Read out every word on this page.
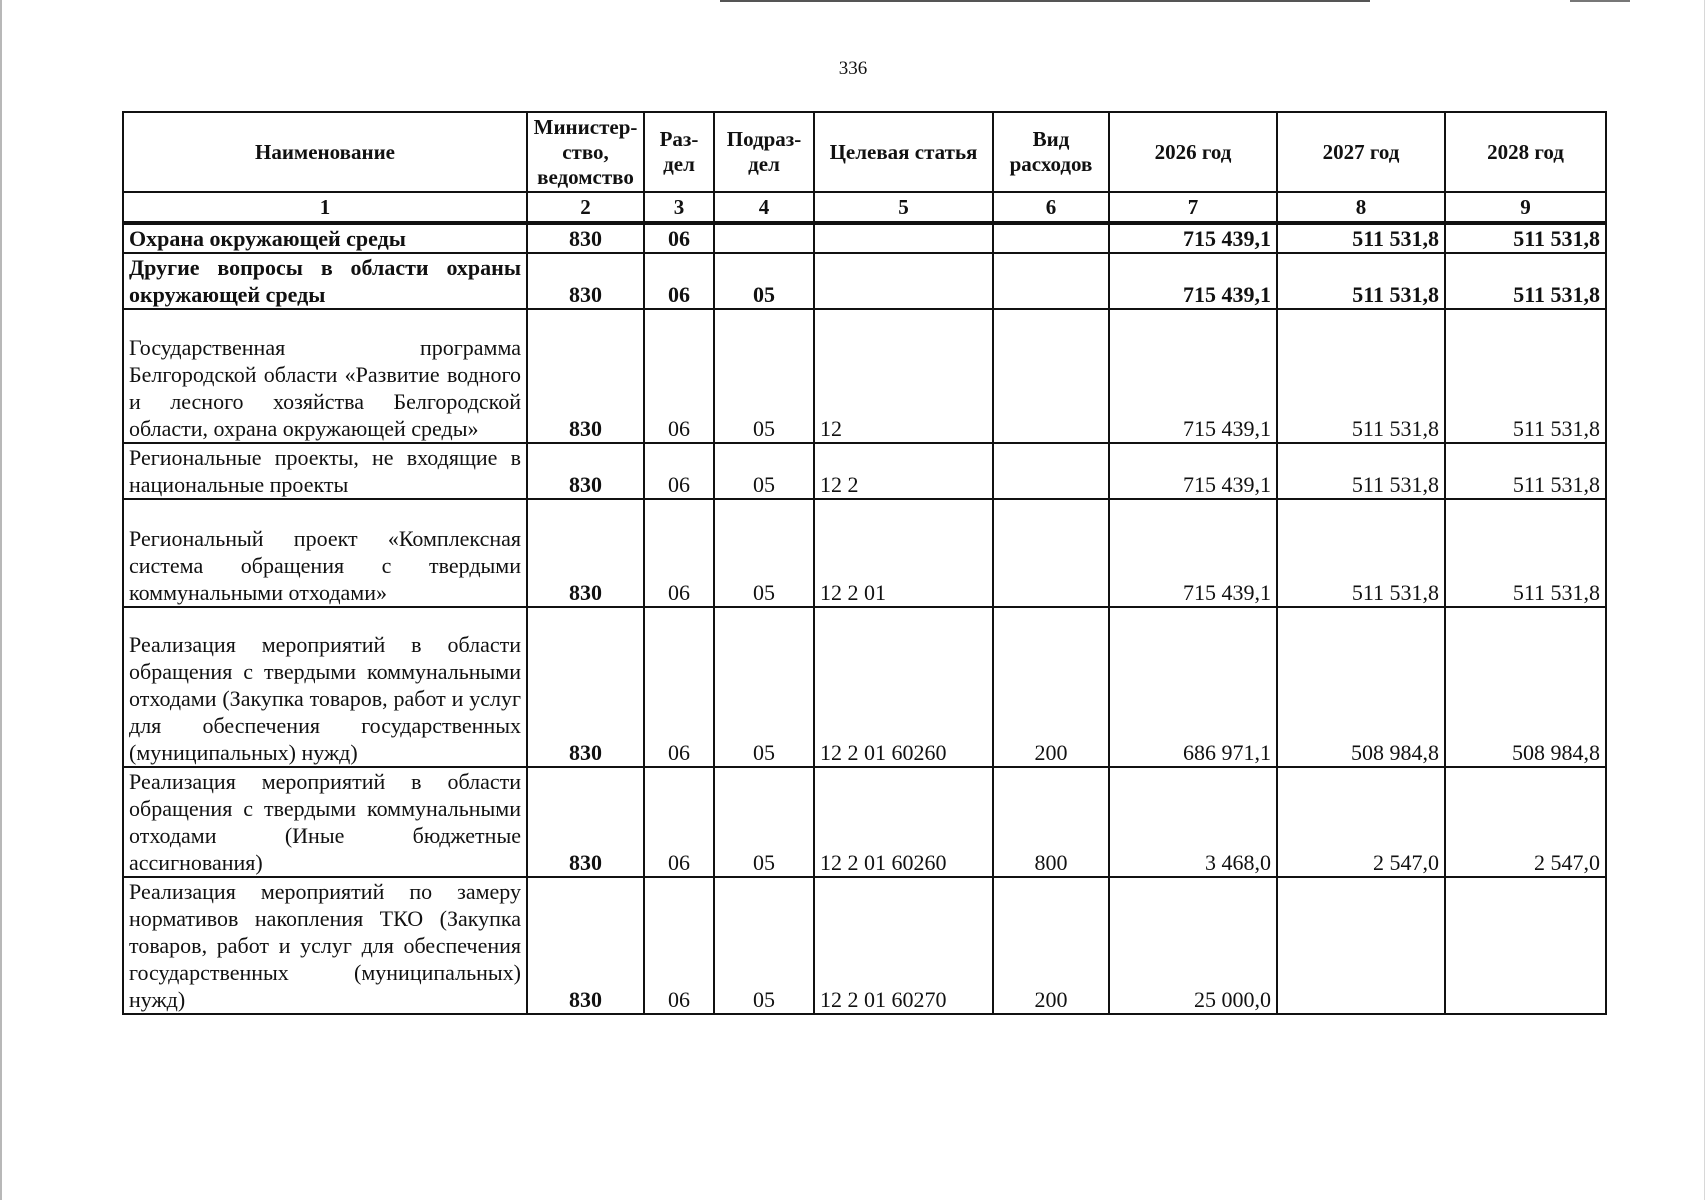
336
Наименование	Министер-ство, ведомство	Раз-дел	Подраз-дел	Целевая статья	Вид расходов	2026 год	2027 год	2028 год
1	2	3	4	5	6	7	8	9
Охрана окружающей среды	830	06				715 439,1	511 531,8	511 531,8
Другие вопросы в области охраны окружающей среды	830	06	05			715 439,1	511 531,8	511 531,8
Государственная программа Белгородской области «Развитие водного и лесного хозяйства Белгородской области, охрана окружающей среды»	830	06	05	12		715 439,1	511 531,8	511 531,8
Региональные проекты, не входящие в национальные проекты	830	06	05	12 2		715 439,1	511 531,8	511 531,8
Региональный проект «Комплексная система обращения с твердыми коммунальными отходами»	830	06	05	12 2 01		715 439,1	511 531,8	511 531,8
Реализация мероприятий в области обращения с твердыми коммунальными отходами (Закупка товаров, работ и услуг для обеспечения государственных (муниципальных) нужд)	830	06	05	12 2 01 60260	200	686 971,1	508 984,8	508 984,8
Реализация мероприятий в области обращения с твердыми коммунальными отходами (Иные бюджетные ассигнования)	830	06	05	12 2 01 60260	800	3 468,0	2 547,0	2 547,0
Реализация мероприятий по замеру нормативов накопления ТКО (Закупка товаров, работ и услуг для обеспечения государственных (муниципальных) нужд)	830	06	05	12 2 01 60270	200	25 000,0		
